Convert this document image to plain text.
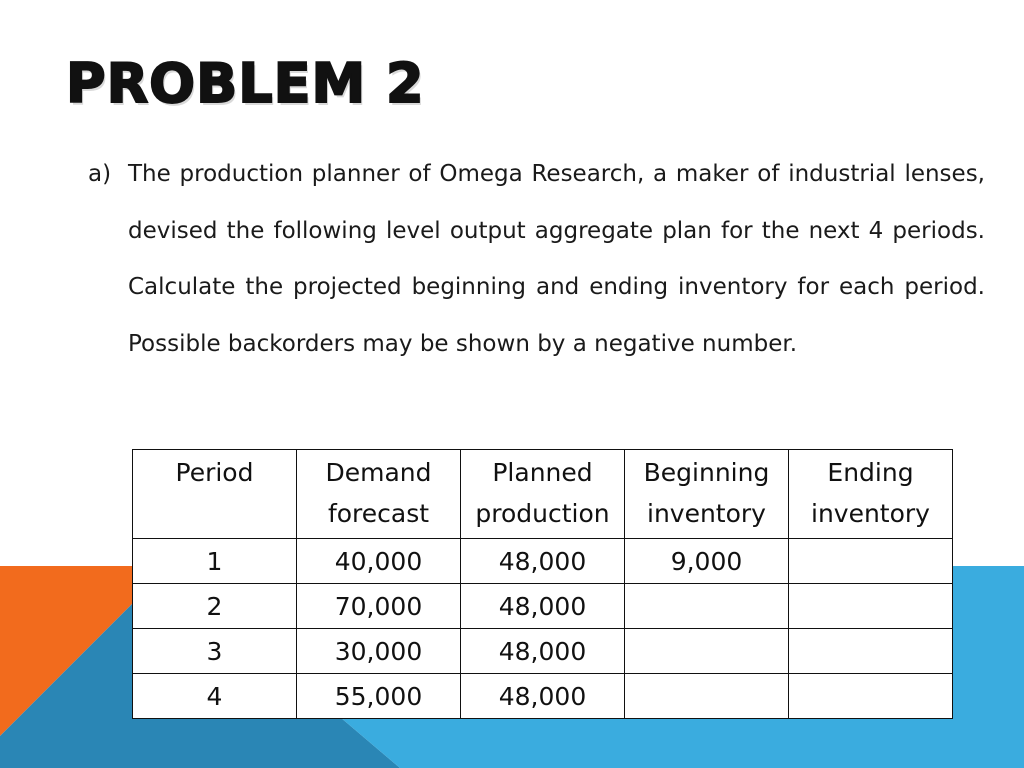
PROBLEM 2
a) The production planner of Omega Research, a maker of industrial lenses, devised the following level output aggregate plan for the next 4 periods. Calculate the projected beginning and ending inventory for each period. Possible backorders may be shown by a negative number.
Period	Demand forecast	Planned production	Beginning inventory	Ending inventory
1	40,000	48,000	9,000	
2	70,000	48,000		
3	30,000	48,000		
4	55,000	48,000		
